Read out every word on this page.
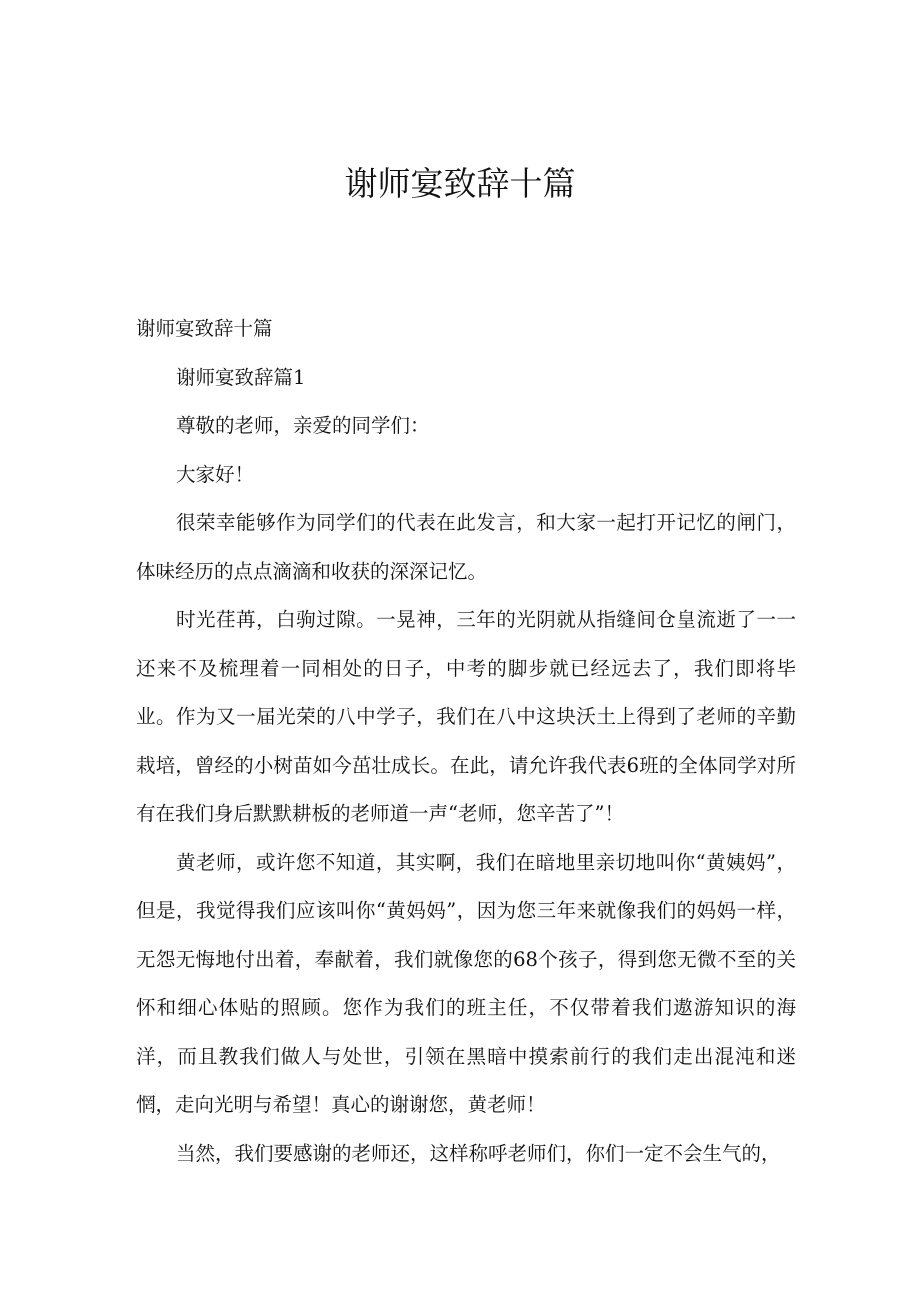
谢师宴致辞十篇

谢师宴致辞十篇

谢师宴致辞篇1

尊敬的老师，亲爱的同学们：

大家好！

很荣幸能够作为同学们的代表在此发言，和大家一起打开记忆的闸门，体味经历的点点滴滴和收获的深深记忆。

时光荏苒，白驹过隙。一晃神，三年的光阴就从指缝间仓皇流逝了一一还来不及梳理着一同相处的日子，中考的脚步就已经远去了，我们即将毕业。作为又一届光荣的八中学子，我们在八中这块沃土上得到了老师的辛勤栽培，曾经的小树苗如今茁壮成长。在此，请允许我代表6班的全体同学对所有在我们身后默默耕板的老师道一声“老师，您辛苦了”！

黄老师，或许您不知道，其实啊，我们在暗地里亲切地叫你“黄姨妈”，但是，我觉得我们应该叫你“黄妈妈”，因为您三年来就像我们的妈妈一样，无怨无悔地付出着，奉献着，我们就像您的68个孩子，得到您无微不至的关怀和细心体贴的照顾。您作为我们的班主任，不仅带着我们遨游知识的海洋，而且教我们做人与处世，引领在黑暗中摸索前行的我们走出混沌和迷惘，走向光明与希望！真心的谢谢您，黄老师！

当然，我们要感谢的老师还，这样称呼老师们，你们一定不会生气的，
